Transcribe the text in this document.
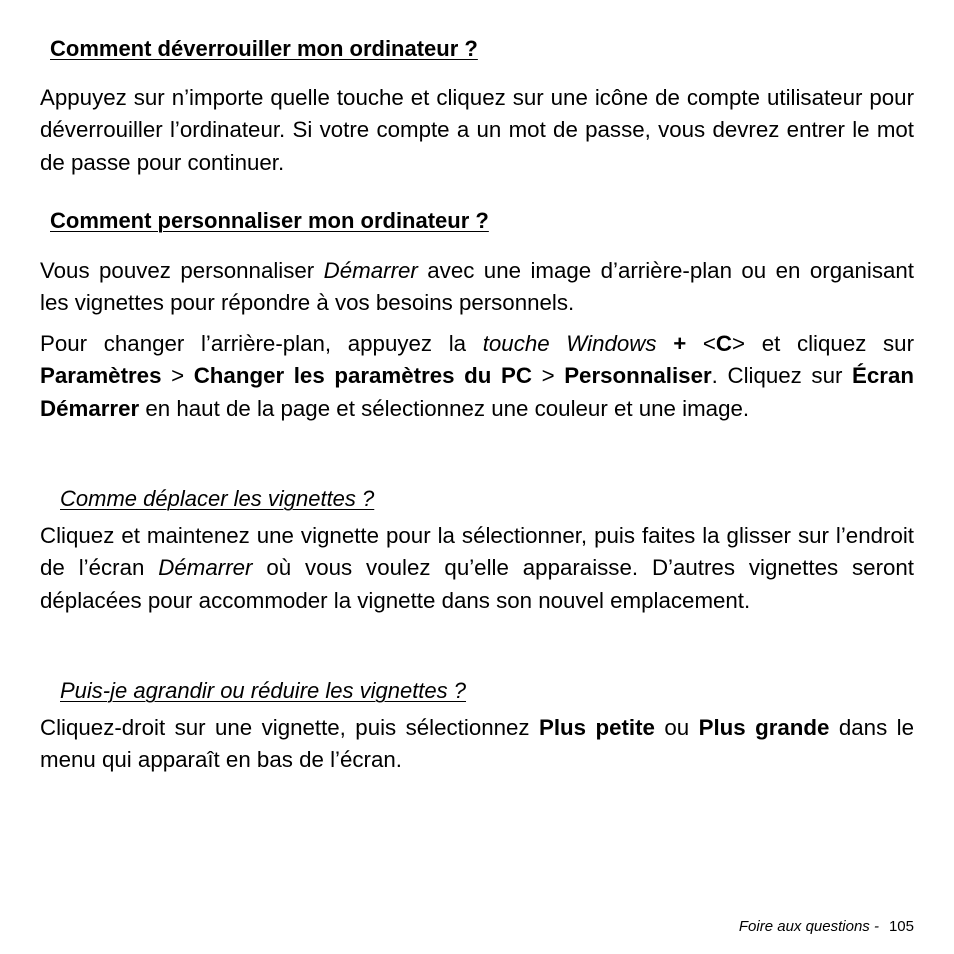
Comment déverrouiller mon ordinateur ?

Appuyez sur n’importe quelle touche et cliquez sur une icône de compte utilisateur pour déverrouiller l’ordinateur. Si votre compte a un mot de passe, vous devrez entrer le mot de passe pour continuer.

Comment personnaliser mon ordinateur ?

Vous pouvez personnaliser Démarrer avec une image d’arrière-plan ou en organisant les vignettes pour répondre à vos besoins personnels.

Pour changer l’arrière-plan, appuyez la touche Windows + <C> et cliquez sur Paramètres > Changer les paramètres du PC > Personnaliser. Cliquez sur Écran Démarrer en haut de la page et sélectionnez une couleur et une image.

Comme déplacer les vignettes ?

Cliquez et maintenez une vignette pour la sélectionner, puis faites la glisser sur l’endroit de l’écran Démarrer où vous voulez qu’elle apparaisse. D’autres vignettes seront déplacées pour accommoder la vignette dans son nouvel emplacement.

Puis-je agrandir ou réduire les vignettes ?

Cliquez-droit sur une vignette, puis sélectionnez Plus petite ou Plus grande dans le menu qui apparaît en bas de l’écran.

Foire aux questions - 105
